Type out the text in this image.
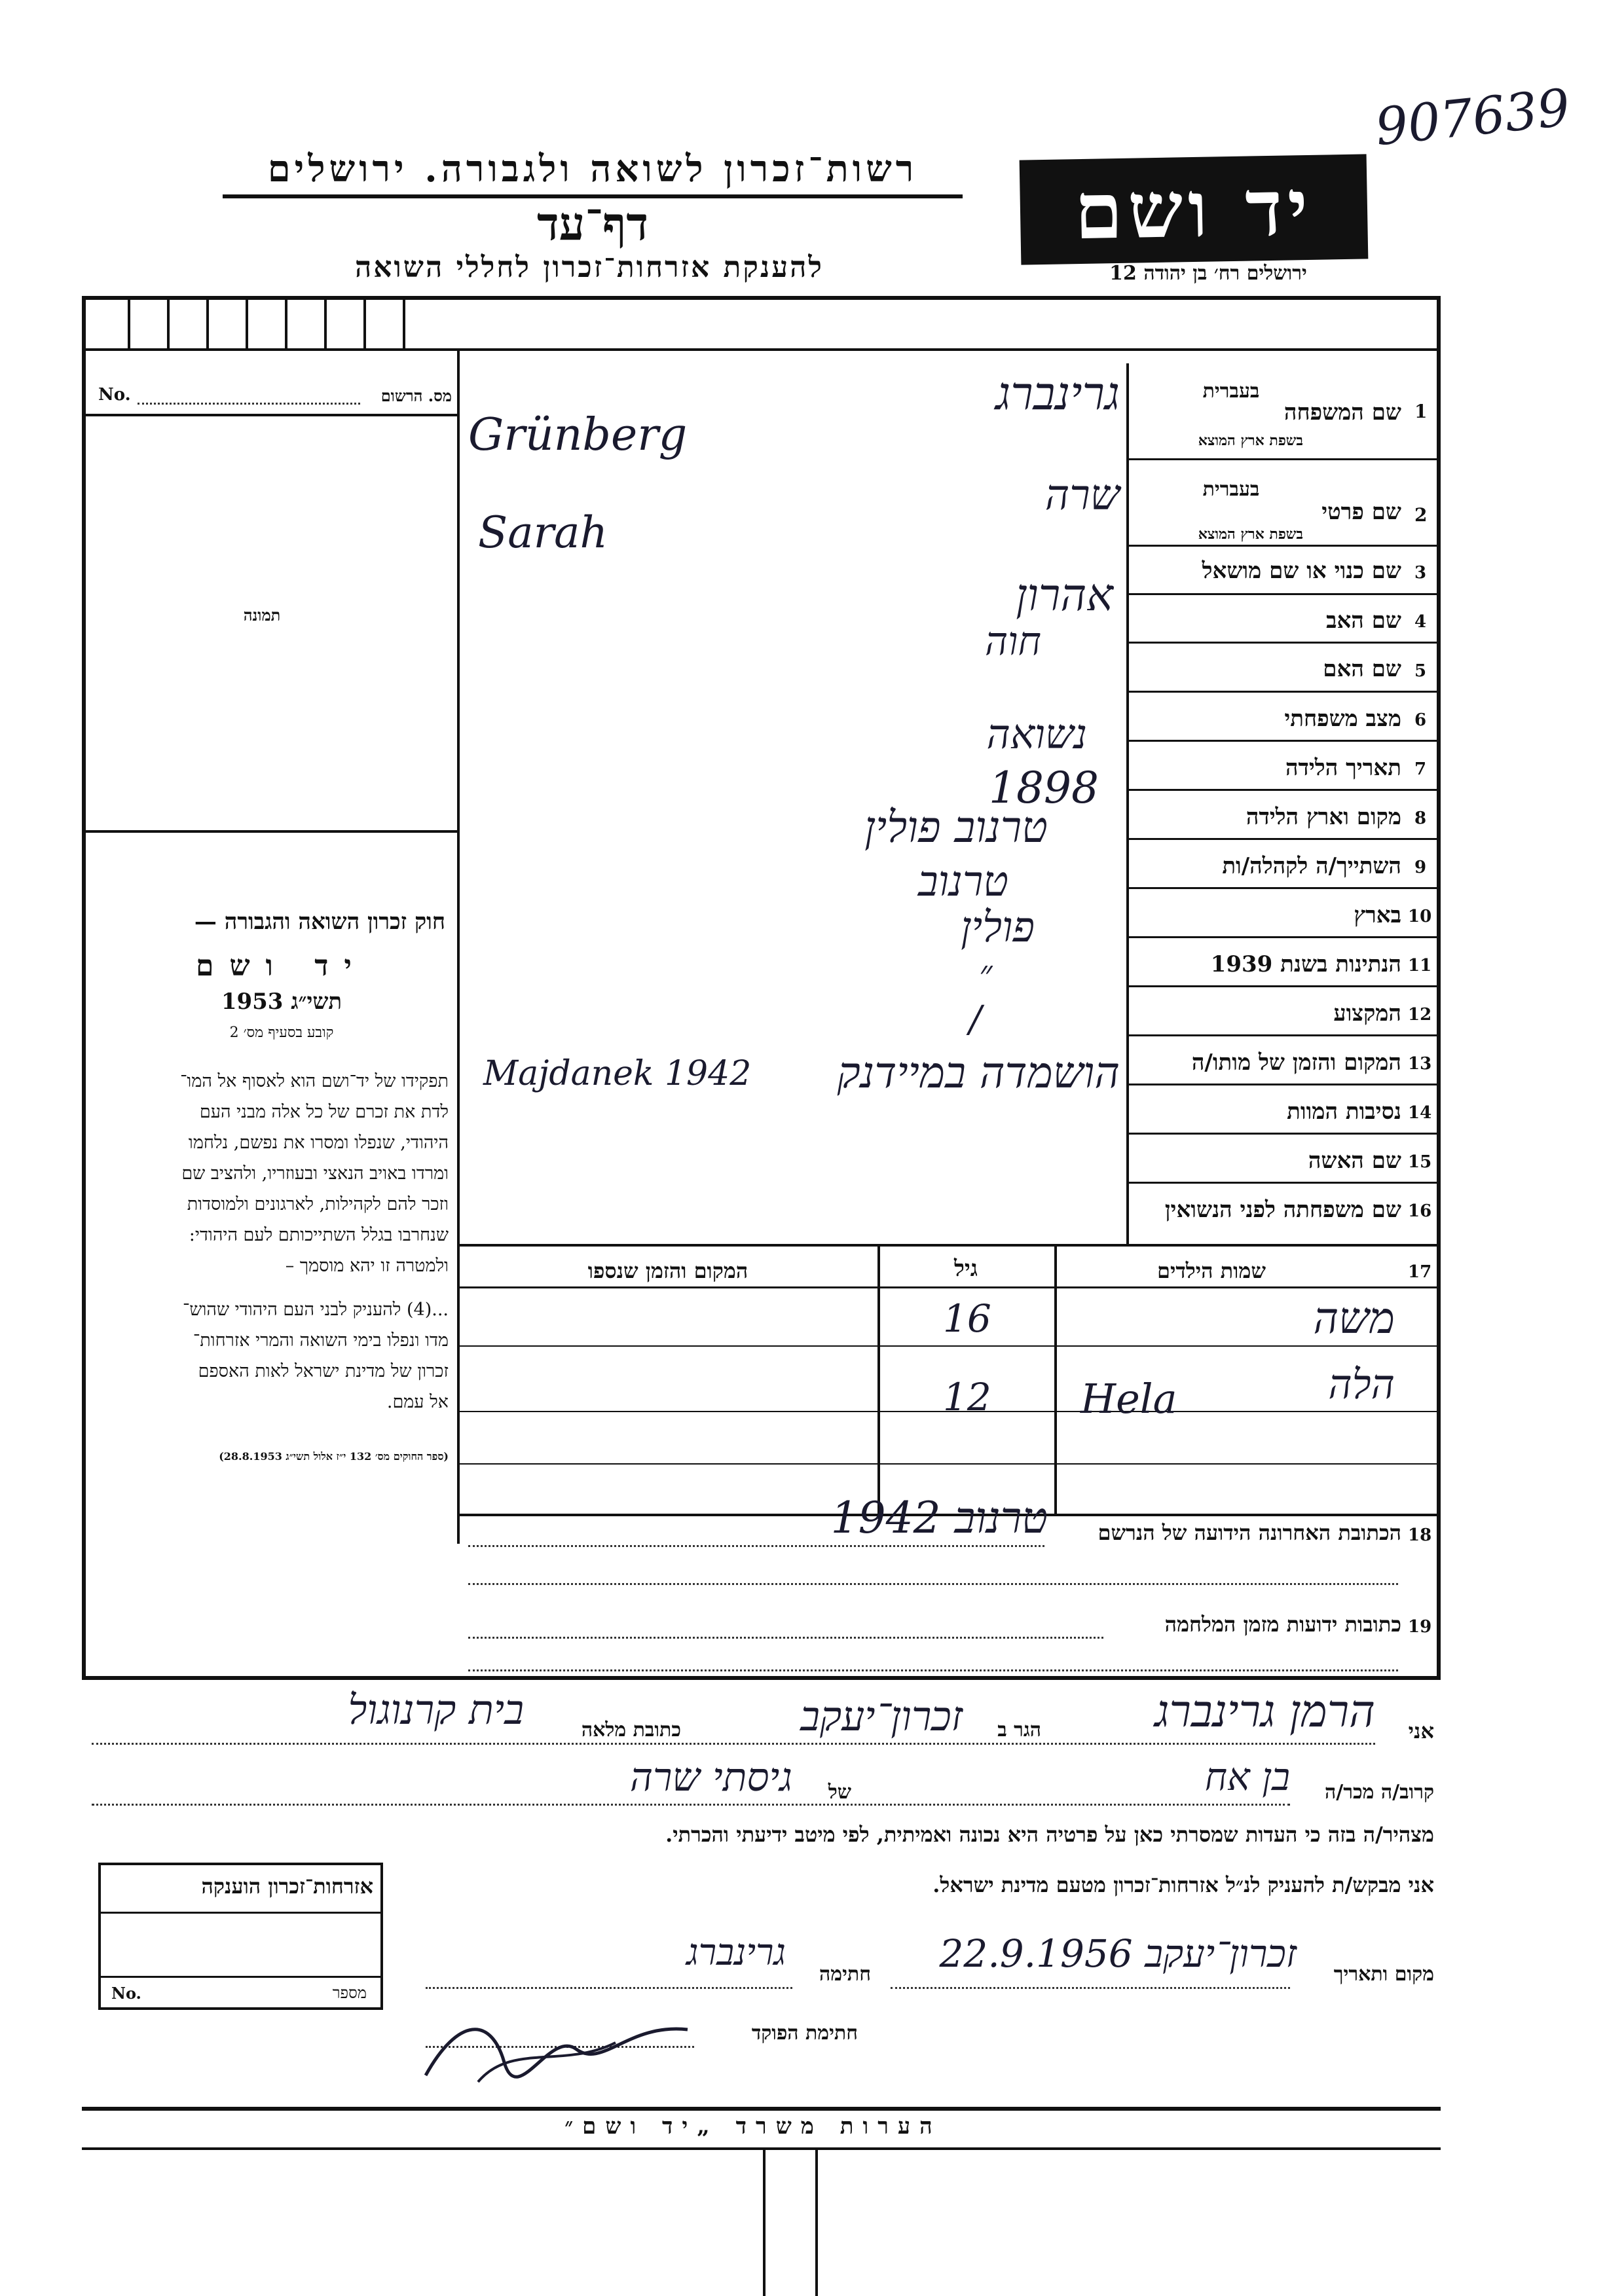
907639
רשות־זכרון לשואה ולגבורה. ירושלים
דף־עד
להענקת אזרחות־זכרון לחללי השואה
יד ושם
ירושלים רח׳ בן יהודה 12
מס. הרשום
No.
תמונה
חוק זכרון השואה והגבורה —
יד ושם
תשי״ג 1953
קובע בסעיף מס׳ 2
תפקידו של יד־ושם הוא לאסוף אל המו־
לדת את זכרם של כל אלה מבני העם
היהודי, שנפלו ומסרו את נפשם, נלחמו
ומרדו באויב הנאצי ובעוזריו, ולהציב שם
וזכר להם לקהילות, לארגונים ולמוסדות
שנחרבו בגלל השתייכותם לעם היהודי:
ולמטרה זו יהא מוסמך –
...(4) להעניק לבני העם היהודי שהוש־
מדו ונפלו בימי השואה והמרי אזרחות־
זכרון של מדינת ישראל לאות האספם
אל עמם.
(ספר החוקים מס׳ 132 י״ז אלול תשי״ג 28.8.1953)
1
שם המשפחה
בעברית
בשפת ארץ המוצא
גרינברג
Grünberg
2
שם פרטי
בעברית
בשפת ארץ המוצא
שרה
Sarah
3
שם כנוי או שם מושאל
4
שם האב
אהרון
5
שם האם
חוה
6
מצב משפחתי
נשואה
7
תאריך הלידה
1898
8
מקום וארץ הלידה
טרנוב פולין
9
השתייך/ה לקהלה/ות
טרנוב
10
בארץ
פולין
11
הנתינות בשנת 1939
״
12
המקצוע
/
13
המקום והזמן של מותו/ה
הושמדה במיידנק
Majdanek 1942
14
נסיבות המוות
15
שם האשה
16
שם משפחתה לפני הנשואין
17
שמות הילדים
גיל
המקום והזמן שנספו
משה
16
הלה
Hela
12
18
הכתובת האחרונה הידועה של הנרשם
טרנוב 1942
19
כתובות ידועות מזמן המלחמה
אני
הרמן גרינברג
הגר ב
זכרון־יעקב
כתובת מלאה
בית קרנוגול
קרוב/ה מכר/ה
בן אח
של
גיסתי שרה
מצהיר/ה בזה כי העדות שמסרתי כאן על פרטיה היא נכונה ואמיתית, לפי מיטב ידיעתי והכרתי.
אני מבקש/ת להעניק לנ״ל אזרחות־זכרון מטעם מדינת ישראל.
מקום ותאריך
זכרון־יעקב 22.9.1956
חתימה
גרינברג
חתימת הפוקד
אזרחות־זכרון הוענקה
No.	מספר
הערות משרד „יד ושם״
